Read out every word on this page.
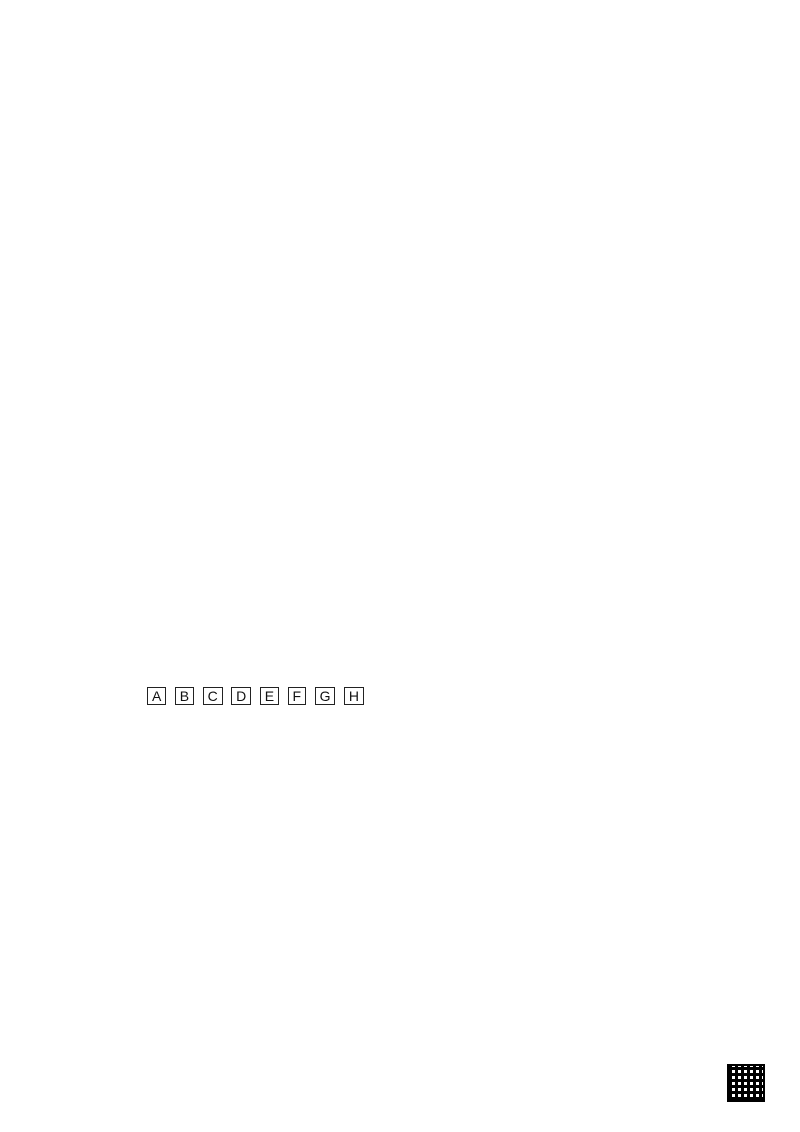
A B C D E F G H
